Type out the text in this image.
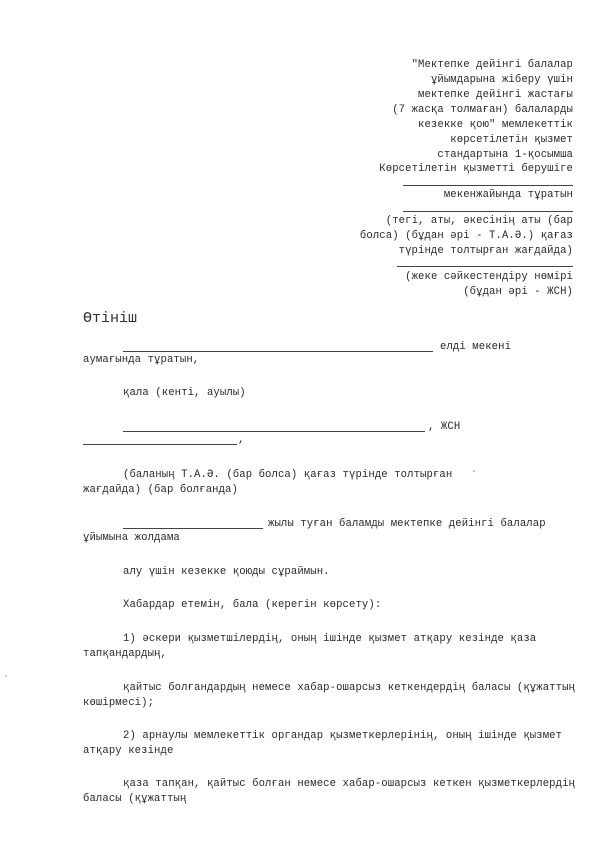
"Мектепке дейінгі балалар
ұйымдарына жіберу үшін
мектепке дейінгі жастағы
(7 жасқа толмаған) балаларды
кезекке қою" мемлекеттік
көрсетілетін қызмет
стандартына 1-қосымша
Көрсетілетін қызметті берушіге
мекенжайында тұратын
(тегі, аты, әкесінің аты (бар
болса) (бұдан әрі - Т.А.Ә.) қағаз
түрінде толтырған жағдайда)
(жеке сәйкестендіру нөмірі
(бұдан әрі - ЖСН)
Өтініш
елді мекені
аумағында тұратын,
қала (кенті, ауылы)
, ЖСН
,
(баланың Т.А.Ә. (бар болса) қағаз түрінде толтырған
жағдайда) (бар болғанда)
жылы туған баламды мектепке дейінгі балалар
ұйымына жолдама
алу үшін кезекке қоюды сұраймын.
Хабардар етемін, бала (керегін көрсету):
1) әскери қызметшілердің, оның ішінде қызмет атқару кезінде қаза
тапқандардың,
қайтыс болғандардың немесе хабар-ошарсыз кеткендердің баласы (құжаттың
көшірмесі);
2) арнаулы мемлекеттік органдар қызметкерлерінің, оның ішінде қызмет
атқару кезінде
қаза тапқан, қайтыс болған немесе хабар-ошарсыз кеткен қызметкерлердің
баласы (құжаттың
